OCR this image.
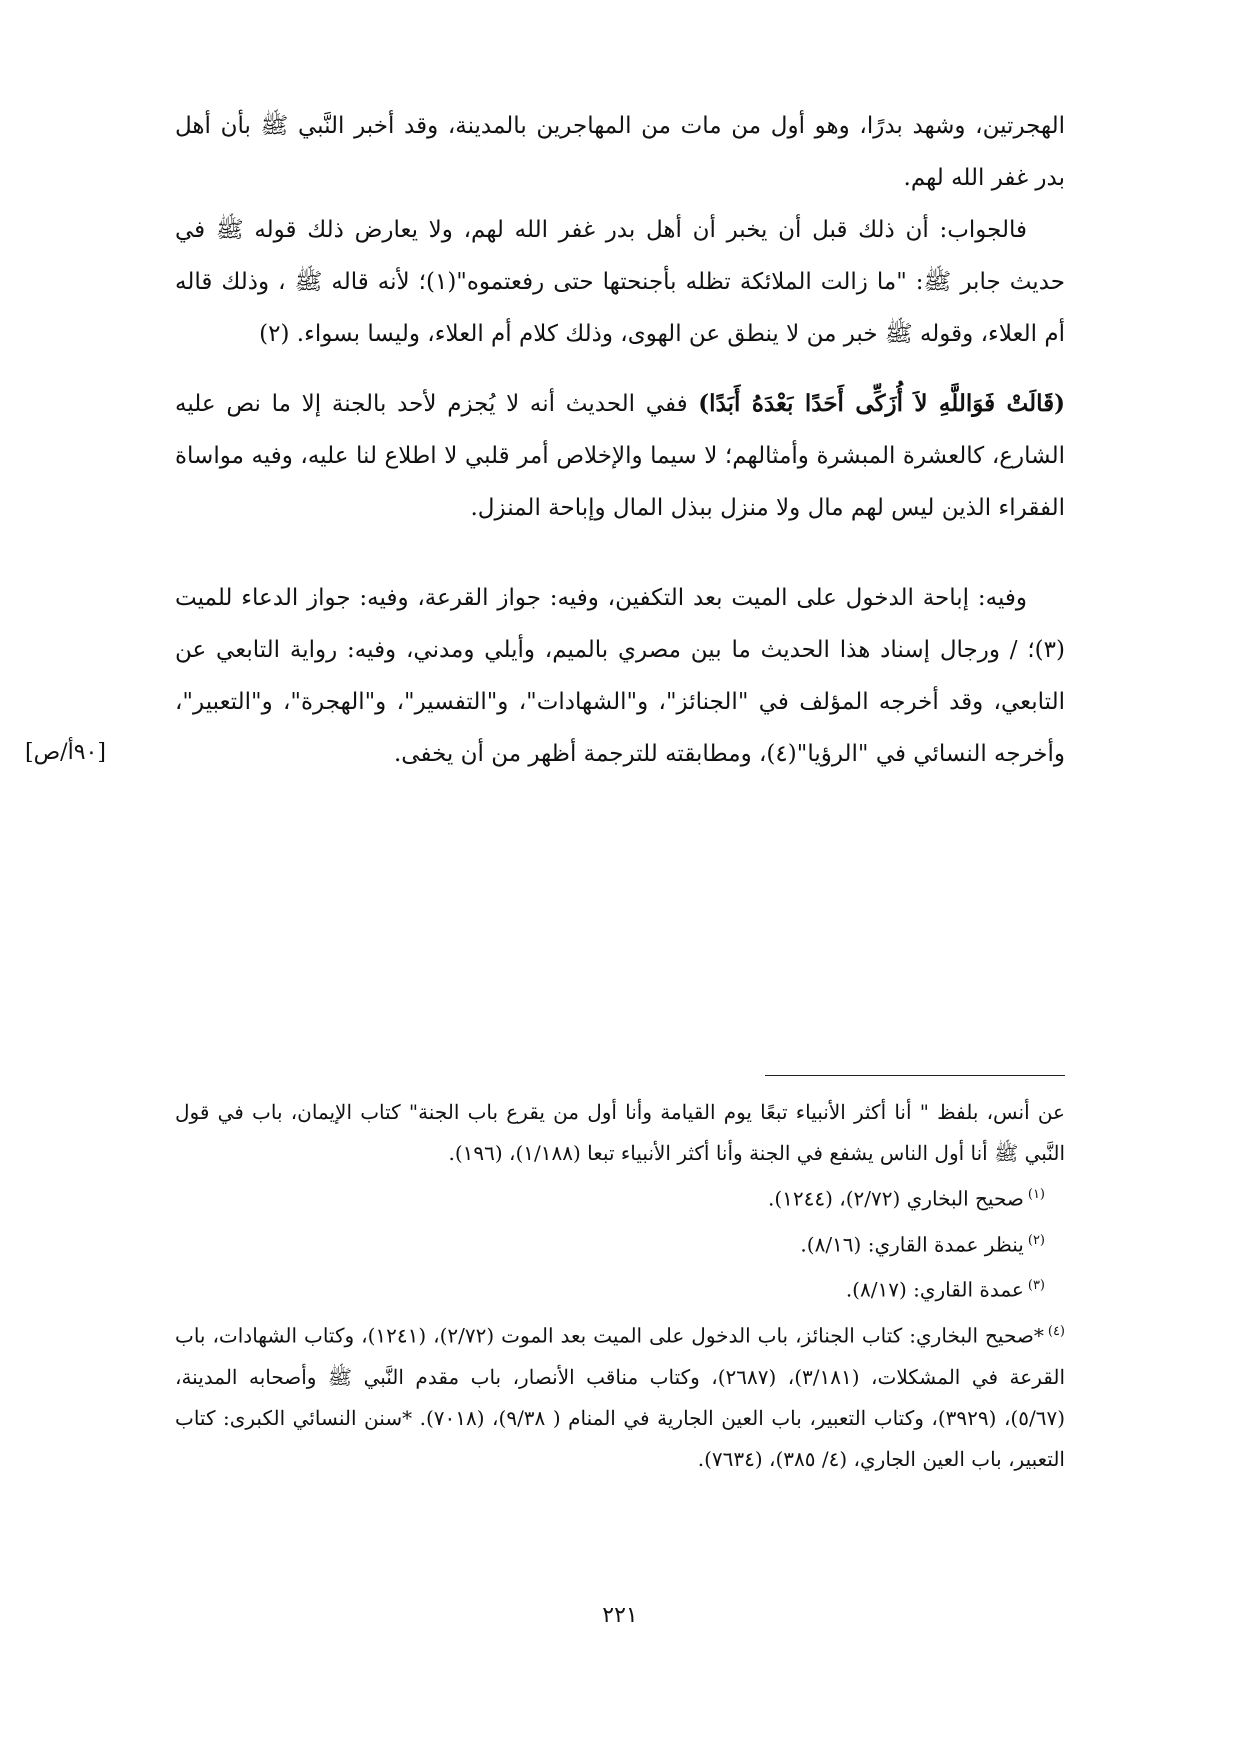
الهجرتين، وشهد بدرًا، وهو أول من مات من المهاجرين بالمدينة، وقد أخبر النَّبي ﷺ بأن أهل بدر غفر الله لهم.

فالجواب: أن ذلك قبل أن يخبر أن أهل بدر غفر الله لهم، ولا يعارض ذلك قوله ﷺ في حديث جابر ﷺ: "ما زالت الملائكة تظله بأجنحتها حتى رفعتموه"(١)؛ لأنه قاله ﷺ ، وذلك قاله أم العلاء، وقوله ﷺ خبر من لا ينطق عن الهوى، وذلك كلام أم العلاء، وليسا بسواء. (٢)

(قَالَتْ فَوَاللَّهِ لاَ أُزَكِّى أَحَدًا بَعْدَهُ أَبَدًا) ففي الحديث أنه لا يُجزم لأحد بالجنة إلا ما نص عليه الشارع، كالعشرة المبشرة وأمثالهم؛ لا سيما والإخلاص أمر قلبي لا اطلاع لنا عليه، وفيه مواساة الفقراء الذين ليس لهم مال ولا منزل ببذل المال وإباحة المنزل.

وفيه: إباحة الدخول على الميت بعد التكفين، وفيه: جواز القرعة، وفيه: جواز الدعاء للميت (٣)؛ / ورجال إسناد هذا الحديث ما بين مصري بالميم، وأيلي ومدني، وفيه: رواية التابعي عن التابعي، وقد أخرجه المؤلف في "الجنائز"، و"الشهادات"، و"التفسير"، و"الهجرة"، و"التعبير"، وأخرجه النسائي في "الرؤيا"(٤)، ومطابقته للترجمة أظهر من أن يخفى.

[٩٠أ/ص]

عن أنس، بلفظ " أنا أكثر الأنبياء تبعًا يوم القيامة وأنا أول من يقرع باب الجنة" كتاب الإيمان، باب في قول النَّبي ﷺ أنا أول الناس يشفع في الجنة وأنا أكثر الأنبياء تبعا (١/١٨٨)، (١٩٦).

$^{(١)}$صحيح البخاري (٢/٧٢)، (١٢٤٤).

$^{(٢)}$ينظر عمدة القاري: (٨/١٦).

$^{(٣)}$عمدة القاري: (٨/١٧).

$^{(٤)}$*صحيح البخاري: كتاب الجنائز، باب الدخول على الميت بعد الموت (٢/٧٢)، (١٢٤١)، وكتاب الشهادات، باب القرعة في المشكلات، (٣/١٨١)، (٢٦٨٧)، وكتاب مناقب الأنصار، باب مقدم النَّبي ﷺ وأصحابه المدينة، (٥/٦٧)، (٣٩٢٩)، وكتاب التعبير، باب العين الجارية في المنام ( ٩/٣٨)، (٧٠١٨). *سنن النسائي الكبرى: كتاب التعبير، باب العين الجاري، (٤/ ٣٨٥)، (٧٦٣٤).

٢٢١
